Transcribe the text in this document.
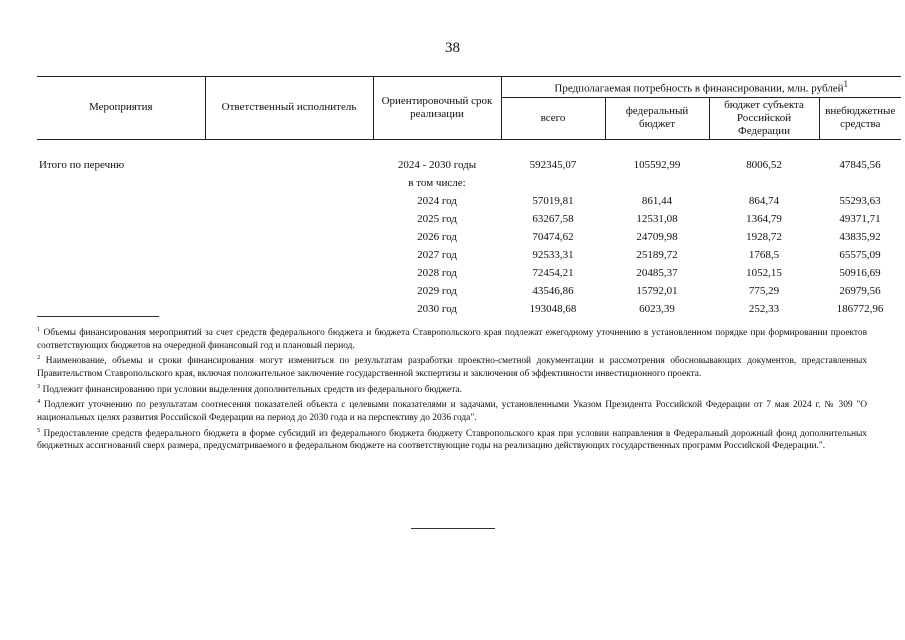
38
Мероприятия	Ответственный исполнитель	Ориентировочный срок реализации	Предполагаемая потребность в финансировании, млн. рублей$^1$
			всего	федеральный бюджет	бюджет субъекта Российской Федерации	внебюджетные средства
Итого по перечню		2024 - 2030 годы	592345,07	105592,99	8006,52	47845,56
		в том числе:				
		2024 год	57019,81	861,44	864,74	55293,63
		2025 год	63267,58	12531,08	1364,79	49371,71
		2026 год	70474,62	24709,98	1928,72	43835,92
		2027 год	92533,31	25189,72	1768,5	65575,09
		2028 год	72454,21	20485,37	1052,15	50916,69
		2029 год	43546,86	15792,01	775,29	26979,56
		2030 год	193048,68	6023,39	252,33	186772,96

$^1$ Объемы финансирования мероприятий за счет средств федерального бюджета и бюджета Ставропольского края подлежат ежегодному уточнению в установленном порядке при формировании проектов соответствующих бюджетов на очередной финансовый год и плановый период.

$^2$ Наименование, объемы и сроки финансирования могут измениться по результатам разработки проектно-сметной документации и рассмотрения обосновывающих документов, представленных Правительством Ставропольского края, включая положительное заключение государственной экспертизы и заключения об эффективности инвестиционного проекта.

$^3$ Подлежит финансированию при условии выделения дополнительных средств из федерального бюджета.

$^4$ Подлежит уточнению по результатам соотнесения показателей объекта с целевыми показателями и задачами, установленными Указом Президента Российской Федерации от 7 мая 2024 г. № 309 "О национальных целях развития Российской Федерации на период до 2030 года и на перспективу до 2036 года".

$^5$ Предоставление средств федерального бюджета в форме субсидий из федерального бюджета бюджету Ставропольского края при условии направления в Федеральный дорожный фонд дополнительных бюджетных ассигнований сверх размера, предусматриваемого в федеральном бюджете на соответствующие годы на реализацию действующих государственных программ Российской Федерации.".
